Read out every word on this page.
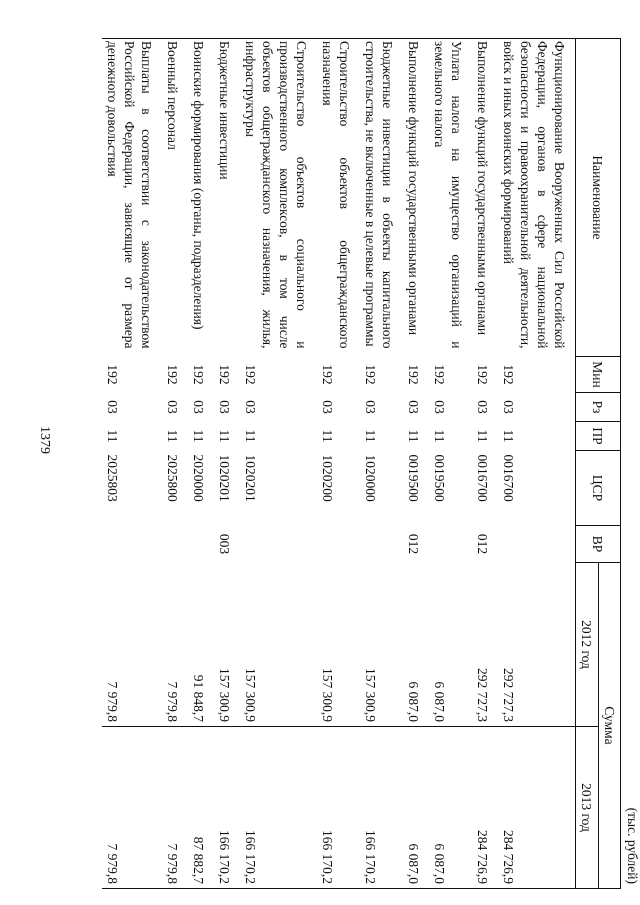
1379
(тыс. рублей)
Наименование	Мин	Рз	ПР	ЦСР	ВР	Сумма	
						2012 год	2013 год
Функционирование Вооруженных Сил Российской Федерации, органов в сфере национальной безопасности и правоохранительной деятельности, войск и иных воинских формирований	192	03	11	0016700		292 727,3	284 726,9
Выполнение функций государственными органами	192	03	11	0016700	012	292 727,3	284 726,9
Уплата налога на имущество организаций и земельного налога	192	03	11	0019500		6 087,0	6 087,0
Выполнение функций государственными органами	192	03	11	0019500	012	6 087,0	6 087,0
Бюджетные инвестиции в объекты капитального строительства, не включенные в целевые программы	192	03	11	1020000		157 300,9	166 170,2
Строительство объектов общегражданского назначения	192	03	11	1020200		157 300,9	166 170,2
Строительство объектов социального и производственного комплексов, в том числе объектов общегражданского назначения, жилья, инфраструктуры	192	03	11	1020201		157 300,9	166 170,2
Бюджетные инвестиции	192	03	11	1020201	003	157 300,9	166 170,2
Воинские формирования (органы, подразделения)	192	03	11	2020000		91 848,7	87 882,7
Военный персонал	192	03	11	2025800		7 979,8	7 979,8
Выплаты в соответствии с законодательством Российской Федерации, зависящие от размера денежного довольствия	192	03	11	2025803		7 979,8	7 979,8
